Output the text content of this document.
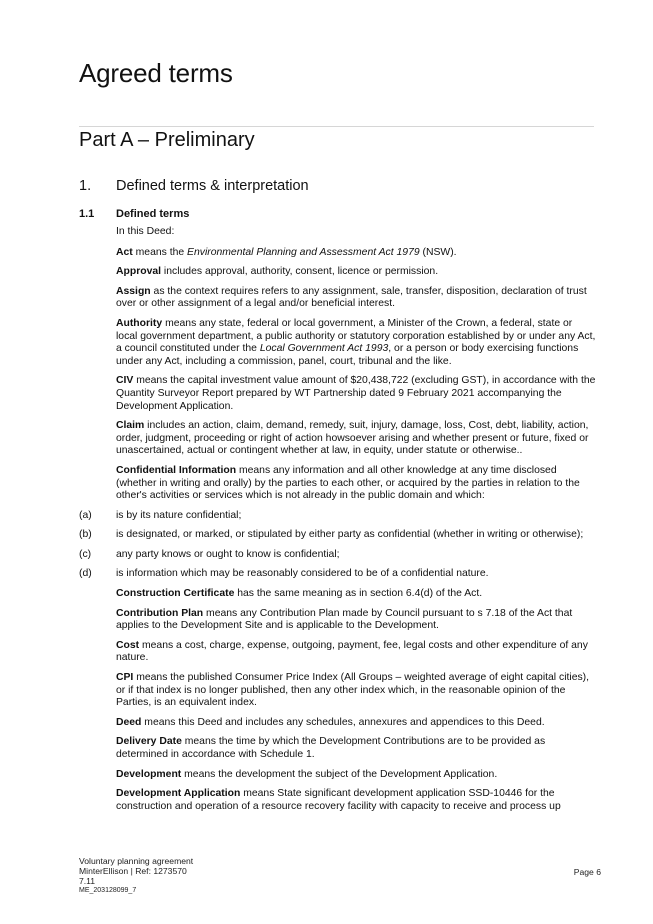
Agreed terms
Part A – Preliminary
1. Defined terms & interpretation
1.1 Defined terms

In this Deed:

Act means the Environmental Planning and Assessment Act 1979 (NSW).

Approval includes approval, authority, consent, licence or permission.

Assign as the context requires refers to any assignment, sale, transfer, disposition, declaration of trust over or other assignment of a legal and/or beneficial interest.

Authority means any state, federal or local government, a Minister of the Crown, a federal, state or local government department, a public authority or statutory corporation established by or under any Act, a council constituted under the Local Government Act 1993, or a person or body exercising functions under any Act, including a commission, panel, court, tribunal and the like.

CIV means the capital investment value amount of $20,438,722 (excluding GST), in accordance with the Quantity Surveyor Report prepared by WT Partnership dated 9 February 2021 accompanying the Development Application.

Claim includes an action, claim, demand, remedy, suit, injury, damage, loss, Cost, debt, liability, action, order, judgment, proceeding or right of action howsoever arising and whether present or future, fixed or unascertained, actual or contingent whether at law, in equity, under statute or otherwise..

Confidential Information means any information and all other knowledge at any time disclosed (whether in writing and orally) by the parties to each other, or acquired by the parties in relation to the other's activities or services which is not already in the public domain and which:

(a)	is by its nature confidential;
(b)	is designated, or marked, or stipulated by either party as confidential (whether in writing or otherwise);
(c)	any party knows or ought to know is confidential;
(d)	is information which may be reasonably considered to be of a confidential nature.

Construction Certificate has the same meaning as in section 6.4(d) of the Act.

Contribution Plan means any Contribution Plan made by Council pursuant to s 7.18 of the Act that applies to the Development Site and is applicable to the Development.

Cost means a cost, charge, expense, outgoing, payment, fee, legal costs and other expenditure of any nature.

CPI means the published Consumer Price Index (All Groups – weighted average of eight capital cities), or if that index is no longer published, then any other index which, in the reasonable opinion of the Parties, is an equivalent index.

Deed means this Deed and includes any schedules, annexures and appendices to this Deed.

Delivery Date means the time by which the Development Contributions are to be provided as determined in accordance with Schedule 1.

Development means the development the subject of the Development Application.

Development Application means State significant development application SSD-10446 for the construction and operation of a resource recovery facility with capacity to receive and process up

Voluntary planning agreement
MinterEllison | Ref: 1273570
7.11
ME_203128099_7
Page 6
